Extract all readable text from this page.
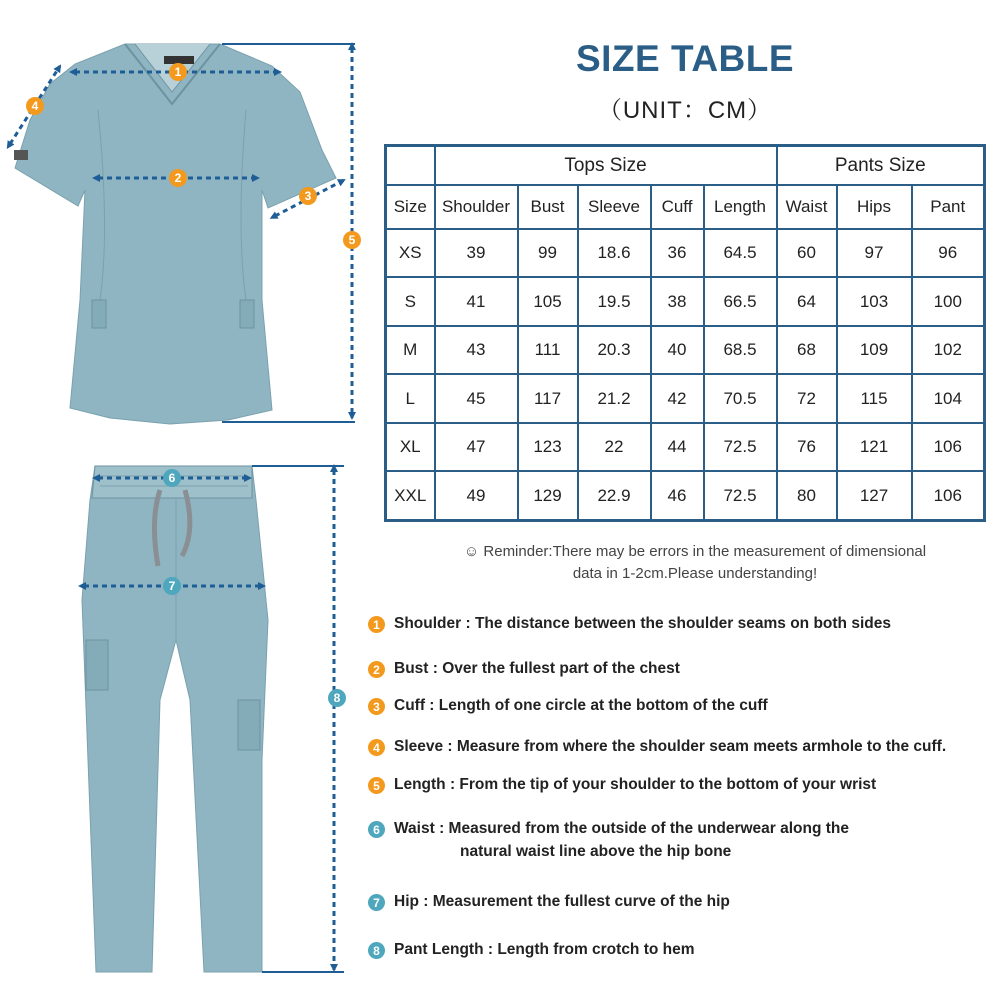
1
2
3
4
5
6
7
8
SIZE TABLE
（UNIT：CM）
	Tops Size					Pants Size		
Size	Shoulder	Bust	Sleeve	Cuff	Length	Waist	Hips	Pant
XS	39	99	18.6	36	64.5	60	97	96
S	41	105	19.5	38	66.5	64	103	100
M	43	111	20.3	40	68.5	68	109	102
L	45	117	21.2	42	70.5	72	115	104
XL	47	123	22	44	72.5	76	121	106
XXL	49	129	22.9	46	72.5	80	127	106
☺ Reminder:There may be errors in the measurement of dimensional
data in 1-2cm.Please understanding!
1 Shoulder : The distance between the shoulder seams on both sides
2 Bust : Over the fullest part of the chest
3 Cuff : Length of one circle at the bottom of the cuff
4 Sleeve : Measure from where the shoulder seam meets armhole to the cuff.
5 Length : From the tip of your shoulder to the bottom of your wrist
6 Waist : Measured from the outside of the underwear along the
natural waist line above the hip bone
7 Hip : Measurement the fullest curve of the hip
8 Pant Length : Length from crotch to hem
